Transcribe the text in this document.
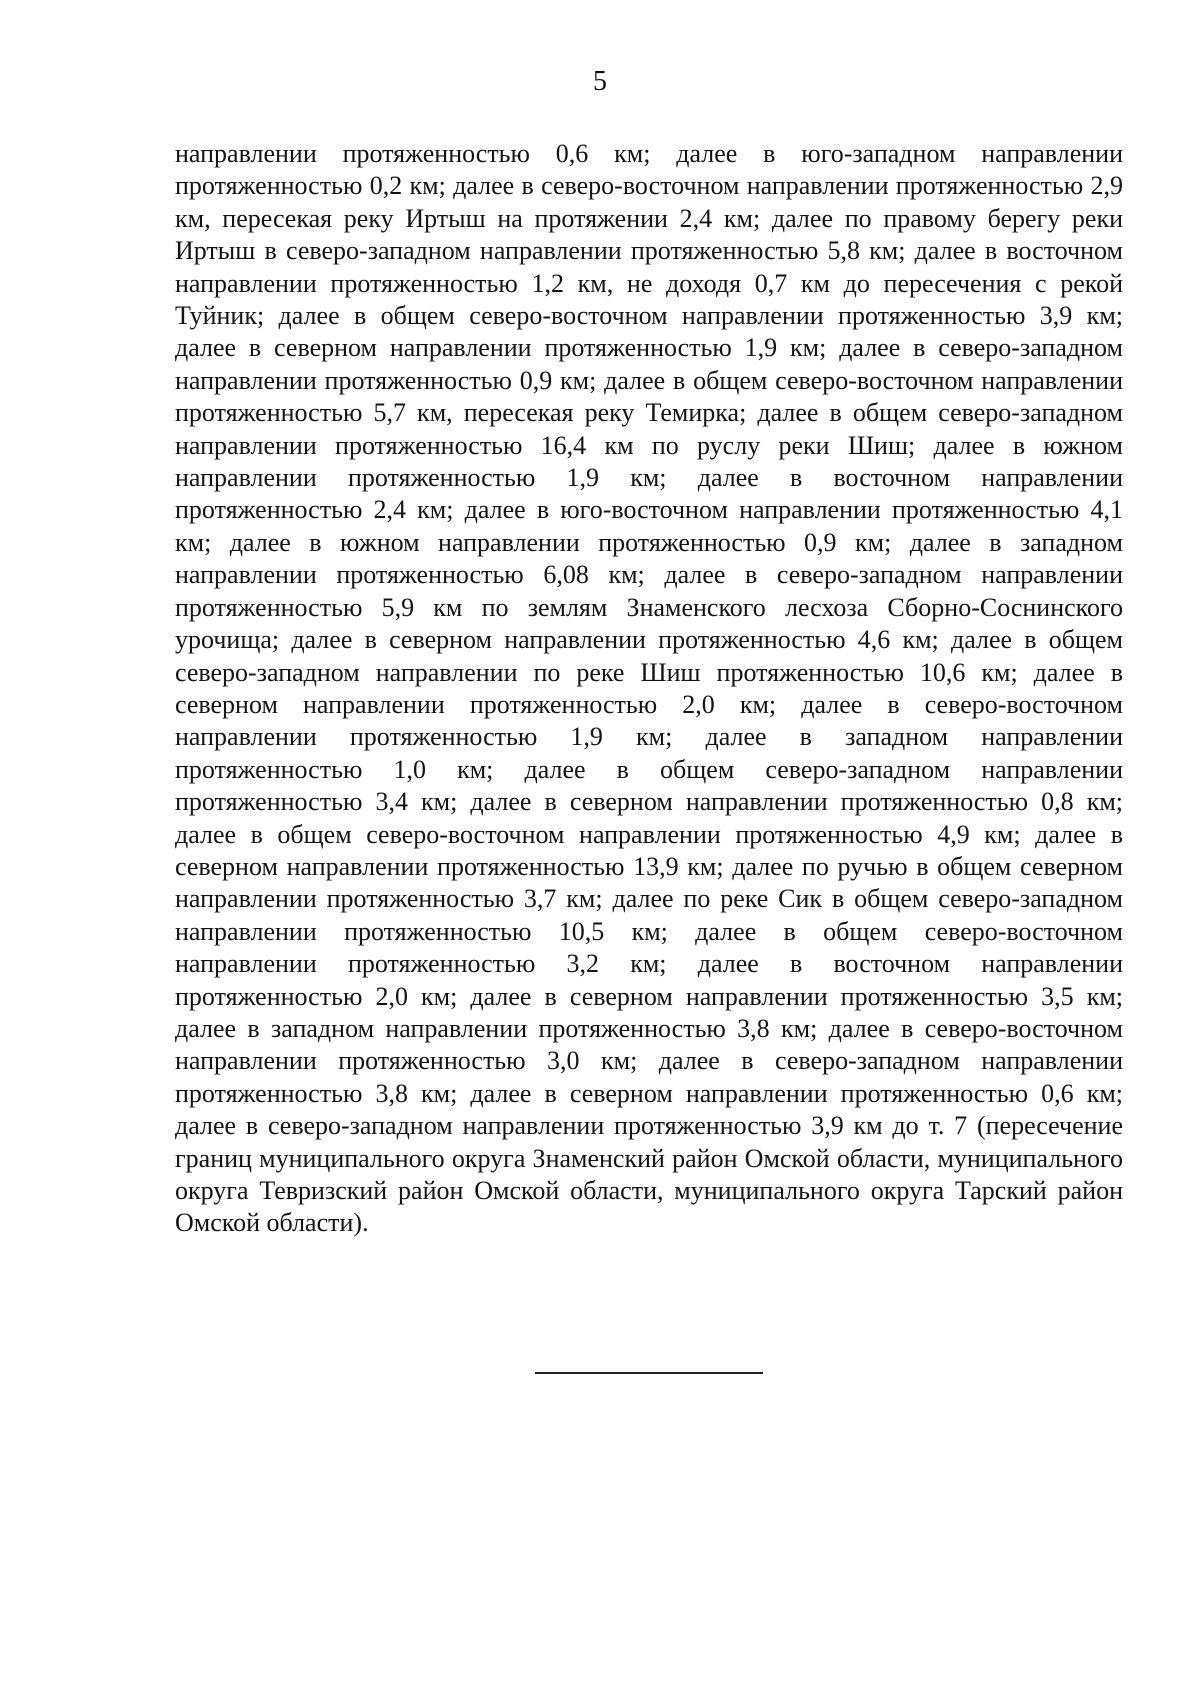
5

направлении протяженностью 0,6 км; далее в юго-западном направлении протяженностью 0,2 км; далее в северо-восточном направлении протяженностью 2,9 км, пересекая реку Иртыш на протяжении 2,4 км; далее по правому берегу реки Иртыш в северо-западном направлении протяженностью 5,8 км; далее в восточном направлении протяженностью 1,2 км, не доходя 0,7 км до пересечения с рекой Туйник; далее в общем северо-восточном направлении протяженностью 3,9 км; далее в северном направлении протяженностью 1,9 км; далее в северо-западном направлении протяженностью 0,9 км; далее в общем северо-восточном направлении протяженностью 5,7 км, пересекая реку Темирка; далее в общем северо-западном направлении протяженностью 16,4 км по руслу реки Шиш; далее в южном направлении протяженностью 1,9 км; далее в восточном направлении протяженностью 2,4 км; далее в юго-восточном направлении протяженностью 4,1 км; далее в южном направлении протяженностью 0,9 км; далее в западном направлении протяженностью 6,08 км; далее в северо-западном направлении протяженностью 5,9 км по землям Знаменского лесхоза Сборно-Соснинского урочища; далее в северном направлении протяженностью 4,6 км; далее в общем северо-западном направлении по реке Шиш протяженностью 10,6 км; далее в северном направлении протяженностью 2,0 км; далее в северо-восточном направлении протяженностью 1,9 км; далее в западном направлении протяженностью 1,0 км; далее в общем северо-западном направлении протяженностью 3,4 км; далее в северном направлении протяженностью 0,8 км; далее в общем северо-восточном направлении протяженностью 4,9 км; далее в северном направлении протяженностью 13,9 км; далее по ручью в общем северном направлении протяженностью 3,7 км; далее по реке Сик в общем северо-западном направлении протяженностью 10,5 км; далее в общем северо-восточном направлении протяженностью 3,2 км; далее в восточном направлении протяженностью 2,0 км; далее в северном направлении протяженностью 3,5 км; далее в западном направлении протяженностью 3,8 км; далее в северо-восточном направлении протяженностью 3,0 км; далее в северо-западном направлении протяженностью 3,8 км; далее в северном направлении протяженностью 0,6 км; далее в северо-западном направлении протяженностью 3,9 км до т. 7 (пересечение границ муниципального округа Знаменский район Омской области, муниципального округа Тевризский район Омской области, муниципального округа Тарский район Омской области).
